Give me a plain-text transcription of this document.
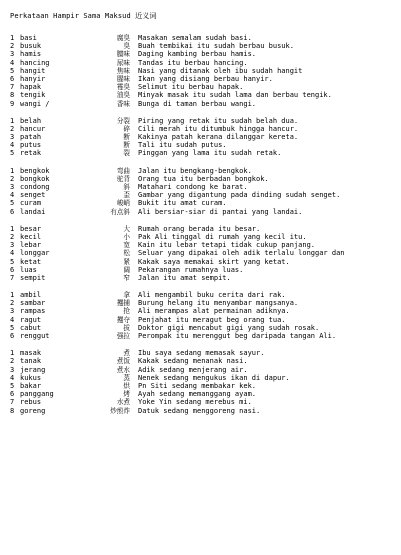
Perkataan Hampir Sama Maksud 近义词
1 basi	腐臭	Masakan semalam sudah basi.
2 busuk	臭	Buah tembikai itu sudah berbau busuk.
3 hamis	膻味	Daging kambing berbau hamis.
4 hancing	尿味	Tandas itu berbau hancing.
5 hangit	焦味	Nasi yang ditanak oleh ibu sudah hangit
6 hanyir	腥味	Ikan yang disiang berbau hanyir.
7 hapak	霉臭	Selimut itu berbau hapak.
8 tengik	油臭	Minyak masak itu sudah lama dan berbau tengik.
9 wangi /	香味	Bunga di taman berbau wangi.
1 belah	分裂	Piring yang retak itu sudah belah dua.
2 hancur	碎	Cili merah itu ditumbuk hingga hancur.
3 patah	断	Kakinya patah kerana dilanggar kereta.
4 putus	断	Tali itu sudah putus.
5 retak	裂	Pinggan yang lama itu sudah retak.
1 bengkok	弯曲	Jalan itu bengkang-bengkok.
2 bongkok	驼背	Orang tua itu berbadan bongkok.
3 condong	斜	Matahari condong ke barat.
4 senget	歪	Gambar yang digantung pada dinding sudah senget.
5 curam	峻峭	Bukit itu amat curam.
6 landai	有点斜	Ali bersiar-siar di pantai yang landai.
1 besar	大	Rumah orang berada itu besar.
2 kecil	小	Pak Ali tinggal di rumah yang kecil itu.
3 lebar	宽	Kain itu lebar tetapi tidak cukup panjang.
4 longgar	松	Seluar yang dipakai oleh adik terlalu longgar dan
5 ketat	紧	Kakak saya memakai skirt yang ketat.
6 luas	阔	Pekarangan rumahnya luas.
7 sempit	窄	Jalan itu amat sempit.
1 ambil	拿	Ali mengambil buku cerita dari rak.
2 sambar	攫捕	Burung helang itu menyambar mangsanya.
3 rampas	抢	Ali merampas alat permainan adiknya.
4 ragut	攫夺	Penjahat itu meragut beg orang tua.
5 cabut	拔	Doktor gigi mencabut gigi yang sudah rosak.
6 renggut	强拉	Perompak itu merenggut beg daripada tangan Ali.
1 masak	煮	Ibu saya sedang memasak sayur.
2 tanak	煮饭	Kakak sedang menanak nasi.
3 jerang	煮水	Adik sedang menjerang air.
4 kukus	蒸	Nenek sedang mengukus ikan di dapur.
5 bakar	烘	Pn Siti sedang membakar kek.
6 panggang	烤	Ayah sedang memanggang ayam.
7 rebus	水煮	Yoke Yin sedang merebus mi.
8 goreng	炒煎炸	Datuk sedang menggoreng nasi.
